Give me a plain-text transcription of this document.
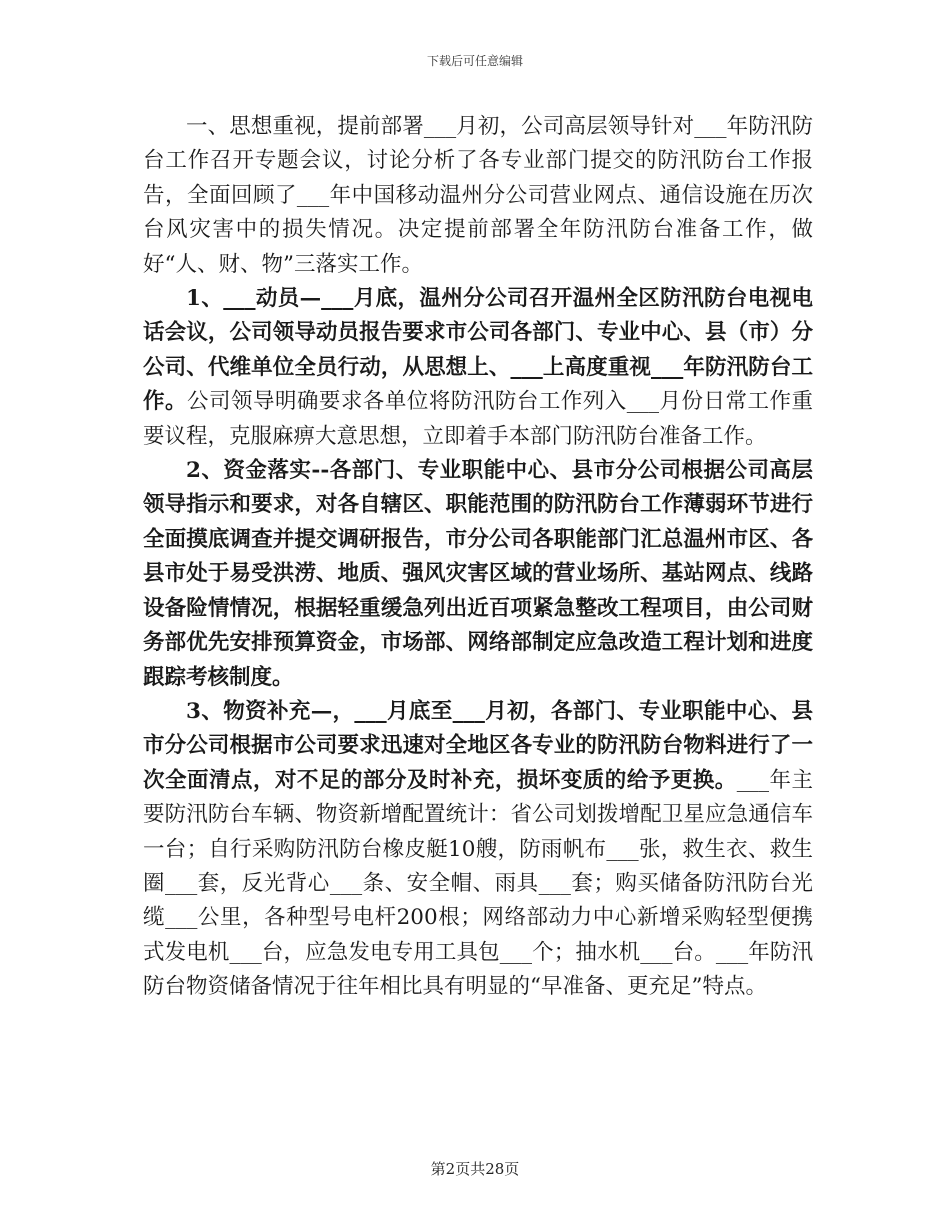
下载后可任意编辑

一、思想重视，提前部署___月初，公司高层领导针对___年防汛防台工作召开专题会议，讨论分析了各专业部门提交的防汛防台工作报告，全面回顾了___年中国移动温州分公司营业网点、通信设施在历次台风灾害中的损失情况。决定提前部署全年防汛防台准备工作，做好“人、财、物”三落实工作。

1、___动员—___月底，温州分公司召开温州全区防汛防台电视电话会议，公司领导动员报告要求市公司各部门、专业中心、县（市）分公司、代维单位全员行动，从思想上、___上高度重视___年防汛防台工作。公司领导明确要求各单位将防汛防台工作列入___月份日常工作重要议程，克服麻痹大意思想，立即着手本部门防汛防台准备工作。

2、资金落实--各部门、专业职能中心、县市分公司根据公司高层领导指示和要求，对各自辖区、职能范围的防汛防台工作薄弱环节进行全面摸底调查并提交调研报告，市分公司各职能部门汇总温州市区、各县市处于易受洪涝、地质、强风灾害区域的营业场所、基站网点、线路设备险情情况，根据轻重缓急列出近百项紧急整改工程项目，由公司财务部优先安排预算资金，市场部、网络部制定应急改造工程计划和进度跟踪考核制度。

3、物资补充—，___月底至___月初，各部门、专业职能中心、县市分公司根据市公司要求迅速对全地区各专业的防汛防台物料进行了一次全面清点，对不足的部分及时补充，损坏变质的给予更换。___年主要防汛防台车辆、物资新增配置统计：省公司划拨增配卫星应急通信车一台；自行采购防汛防台橡皮艇10艘，防雨帆布___张，救生衣、救生圈___套，反光背心___条、安全帽、雨具___套；购买储备防汛防台光缆___公里，各种型号电杆200根；网络部动力中心新增采购轻型便携式发电机___台，应急发电专用工具包___个；抽水机___台。___年防汛防台物资储备情况于往年相比具有明显的“早准备、更充足”特点。

第2页共28页
